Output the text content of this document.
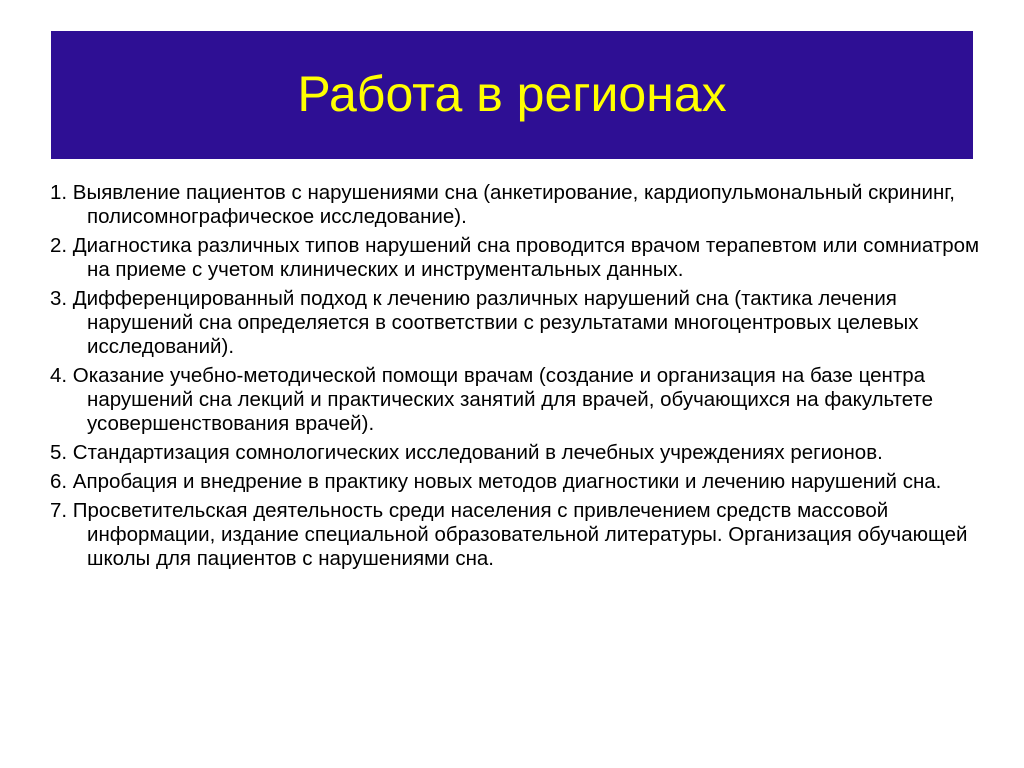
Работа в регионах
1. Выявление пациентов с нарушениями сна (анкетирование, кардиопульмональный скрининг, полисомнографическое исследование).
2. Диагностика различных типов нарушений сна проводится врачом терапевтом или сомниатром на приеме с учетом клинических и инструментальных данных.
3. Дифференцированный подход к лечению различных нарушений сна (тактика лечения нарушений сна определяется в соответствии с результатами многоцентровых целевых исследований).
4. Оказание учебно-методической помощи врачам (создание и организация на базе центра нарушений сна лекций и практических занятий для врачей, обучающихся на факультете усовершенствования врачей).
5. Стандартизация сомнологических исследований в лечебных учреждениях регионов.
6. Апробация и внедрение в практику новых методов диагностики и лечению нарушений сна.
7. Просветительская деятельность среди населения с привлечением средств массовой информации, издание специальной образовательной литературы. Организация обучающей школы для пациентов с нарушениями сна.
